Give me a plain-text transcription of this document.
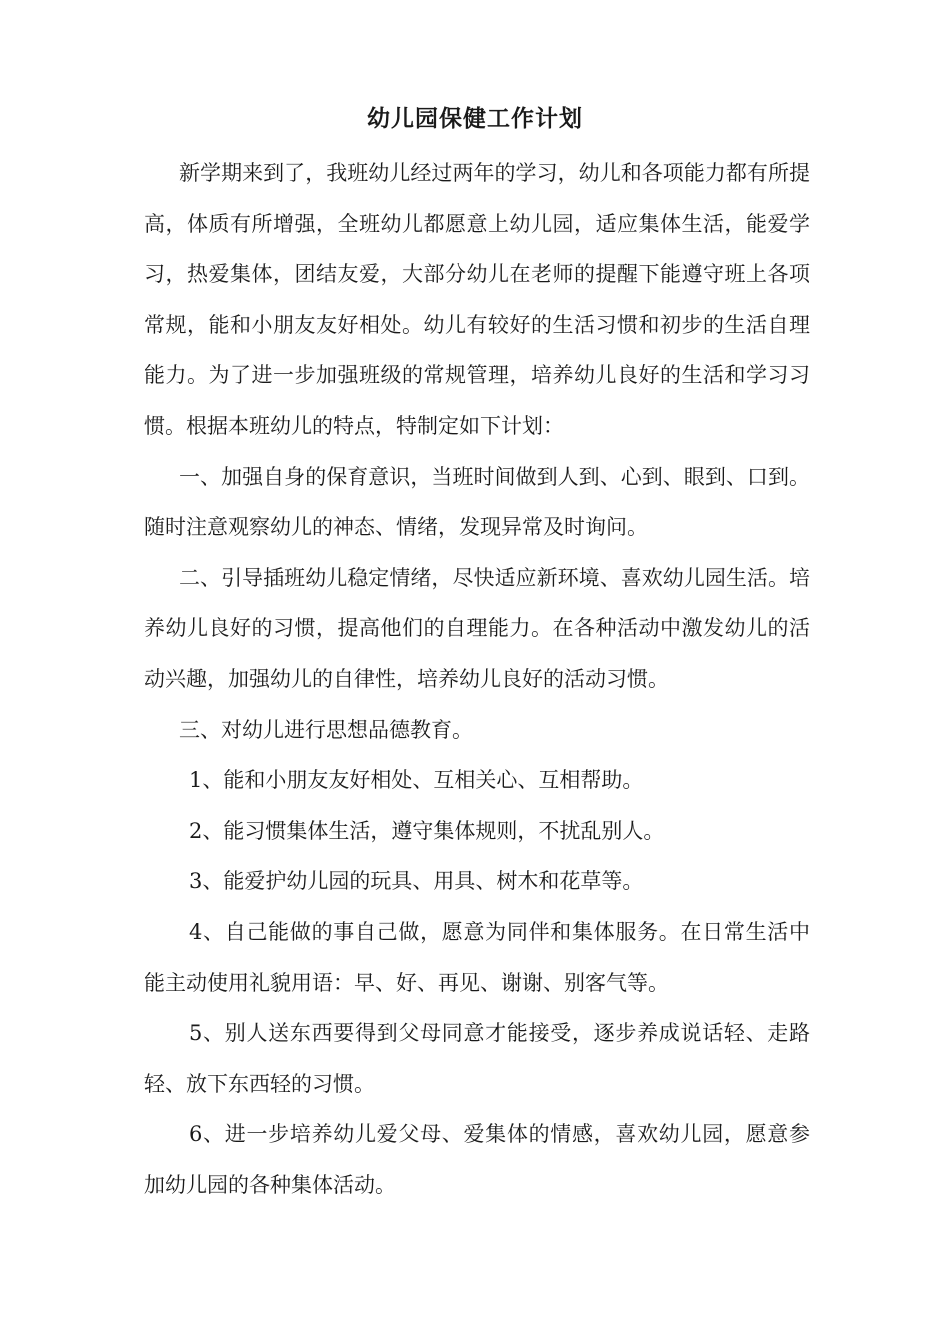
幼儿园保健工作计划

新学期来到了，我班幼儿经过两年的学习，幼儿和各项能力都有所提高，体质有所增强，全班幼儿都愿意上幼儿园，适应集体生活，能爱学习，热爱集体，团结友爱，大部分幼儿在老师的提醒下能遵守班上各项常规，能和小朋友友好相处。幼儿有较好的生活习惯和初步的生活自理能力。为了进一步加强班级的常规管理，培养幼儿良好的生活和学习习惯。根据本班幼儿的特点，特制定如下计划：

一、加强自身的保育意识，当班时间做到人到、心到、眼到、口到。随时注意观察幼儿的神态、情绪，发现异常及时询问。

二、引导插班幼儿稳定情绪，尽快适应新环境、喜欢幼儿园生活。培养幼儿良好的习惯，提高他们的自理能力。在各种活动中激发幼儿的活动兴趣，加强幼儿的自律性，培养幼儿良好的活动习惯。

三、对幼儿进行思想品德教育。

1、能和小朋友友好相处、互相关心、互相帮助。

2、能习惯集体生活，遵守集体规则，不扰乱别人。

3、能爱护幼儿园的玩具、用具、树木和花草等。

4、自己能做的事自己做，愿意为同伴和集体服务。在日常生活中能主动使用礼貌用语：早、好、再见、谢谢、别客气等。

5、别人送东西要得到父母同意才能接受，逐步养成说话轻、走路轻、放下东西轻的习惯。

6、进一步培养幼儿爱父母、爱集体的情感，喜欢幼儿园，愿意参加幼儿园的各种集体活动。
